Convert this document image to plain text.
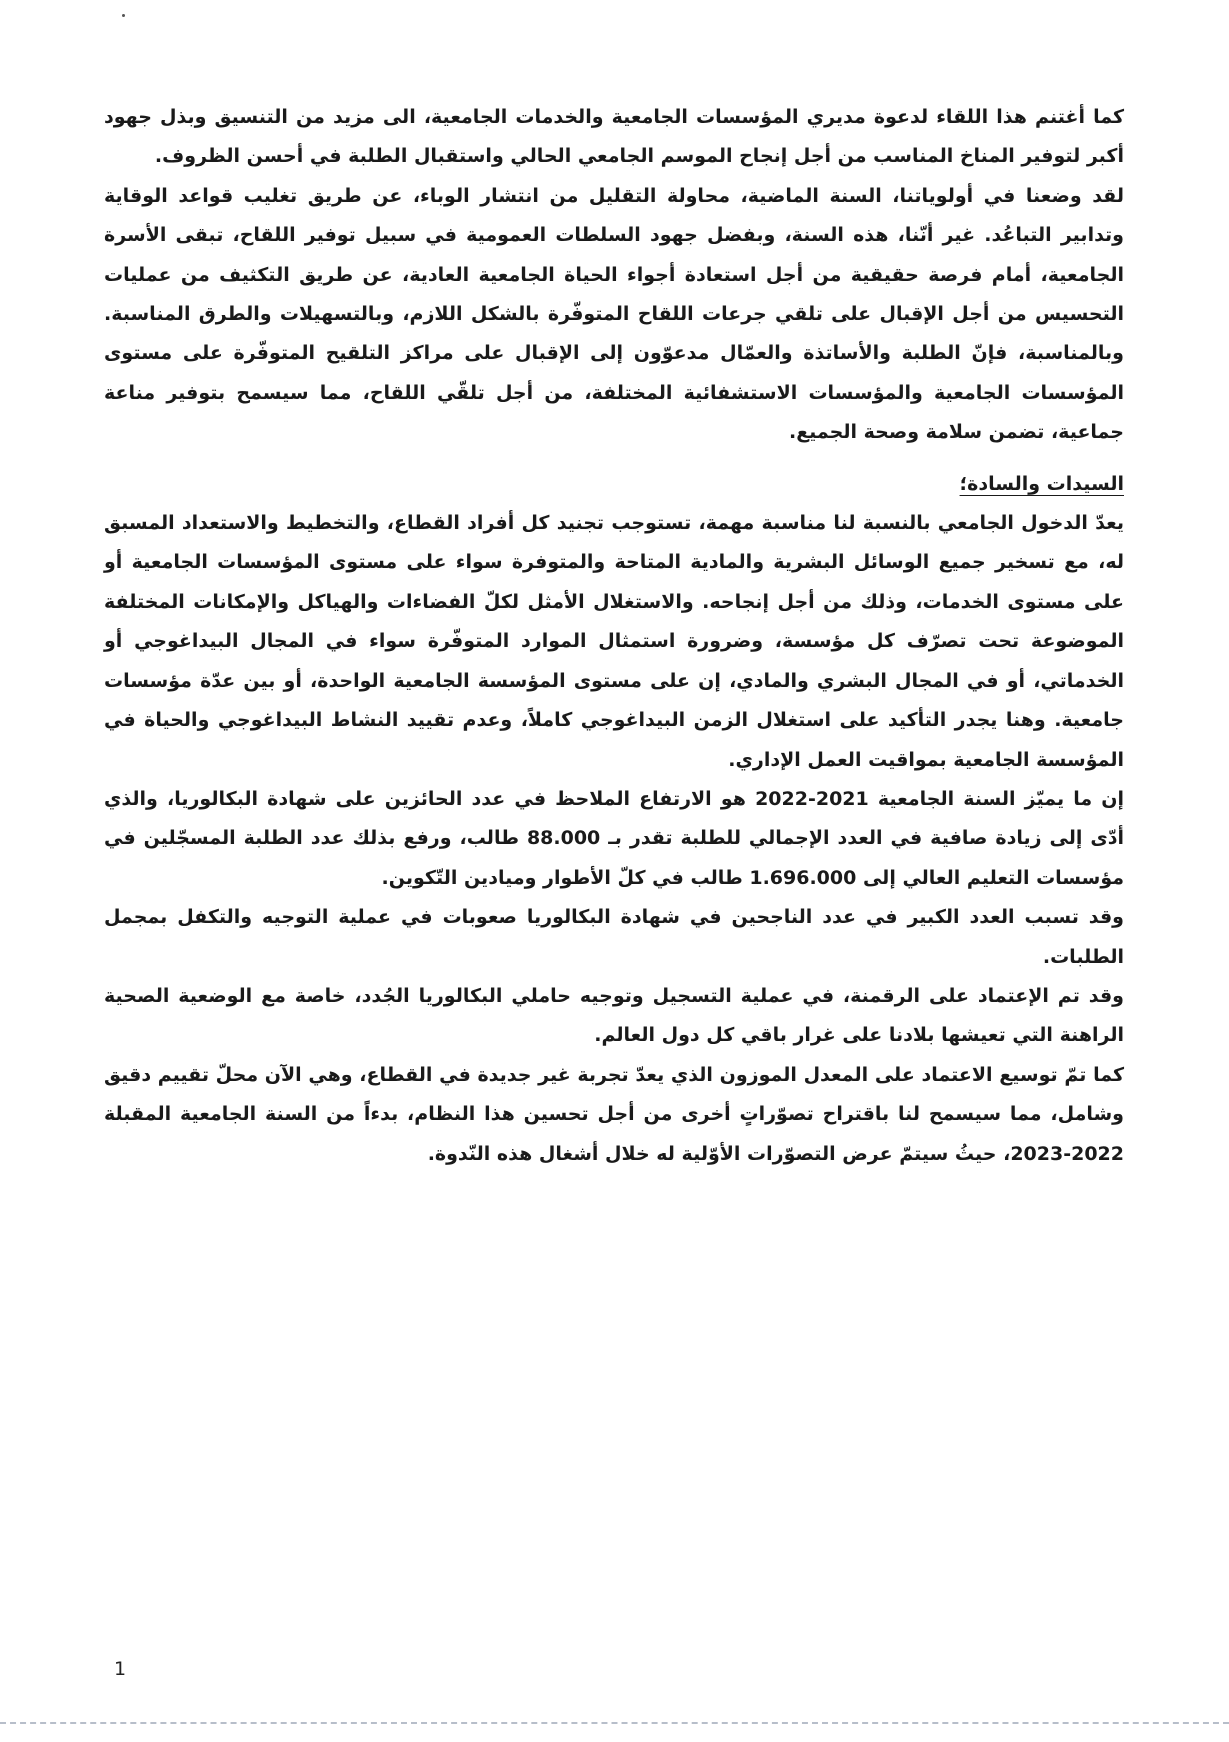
كما أغتنم هذا اللقاء لدعوة مديري المؤسسات الجامعية والخدمات الجامعية، الى مزيد من التنسيق وبذل جهود أكبر لتوفير المناخ المناسب من أجل إنجاح الموسم الجامعي الحالي واستقبال الطلبة في أحسن الظروف.

لقد وضعنا في أولوياتنا، السنة الماضية، محاولة التقليل من انتشار الوباء، عن طريق تغليب قواعد الوقاية وتدابير التباعُد. غير أنّنا، هذه السنة، وبفضل جهود السلطات العمومية في سبيل توفير اللقاح، تبقى الأسرة الجامعية، أمام فرصة حقيقية من أجل استعادة أجواء الحياة الجامعية العادية، عن طريق التكثيف من عمليات التحسيس من أجل الإقبال على تلقي جرعات اللقاح المتوفّرة بالشكل اللازم، وبالتسهيلات والطرق المناسبة. وبالمناسبة، فإنّ الطلبة والأساتذة والعمّال مدعوّون إلى الإقبال على مراكز التلقيح المتوفّرة على مستوى المؤسسات الجامعية والمؤسسات الاستشفائية المختلفة، من أجل تلقّي اللقاح، مما سيسمح بتوفير مناعة جماعية، تضمن سلامة وصحة الجميع.

السيدات والسادة؛

يعدّ الدخول الجامعي بالنسبة لنا مناسبة مهمة، تستوجب تجنيد كل أفراد القطاع، والتخطيط والاستعداد المسبق له، مع تسخير جميع الوسائل البشرية والمادية المتاحة والمتوفرة سواء على مستوى المؤسسات الجامعية أو على مستوى الخدمات، وذلك من أجل إنجاحه. والاستغلال الأمثل لكلّ الفضاءات والهياكل والإمكانات المختلفة الموضوعة تحت تصرّف كل مؤسسة، وضرورة استمثال الموارد المتوفّرة سواء في المجال البيداغوجي أو الخدماتي، أو في المجال البشري والمادي، إن على مستوى المؤسسة الجامعية الواحدة، أو بين عدّة مؤسسات جامعية. وهنا يجدر التأكيد على استغلال الزمن البيداغوجي كاملاً، وعدم تقييد النشاط البيداغوجي والحياة في المؤسسة الجامعية بمواقيت العمل الإداري.

إن ما يميّز السنة الجامعية 2021-2022 هو الارتفاع الملاحظ في عدد الحائزين على شهادة البكالوريا، والذي أدّى إلى زيادة صافية في العدد الإجمالي للطلبة تقدر بـ 88.000 طالب، ورفع بذلك عدد الطلبة المسجّلين في مؤسسات التعليم العالي إلى 1.696.000 طالب في كلّ الأطوار وميادين التّكوين.

وقد تسبب العدد الكبير في عدد الناجحين في شهادة البكالوريا صعوبات في عملية التوجيه والتكفل بمجمل الطلبات.

وقد تم الإعتماد على الرقمنة، في عملية التسجيل وتوجيه حاملي البكالوريا الجُدد، خاصة مع الوضعية الصحية الراهنة التي تعيشها بلادنا على غرار باقي كل دول العالم.

كما تمّ توسيع الاعتماد على المعدل الموزون الذي يعدّ تجربة غير جديدة في القطاع، وهي الآن محلّ تقييم دقيق وشامل، مما سيسمح لنا باقتراح تصوّراتٍ أخرى من أجل تحسين هذا النظام، بدءاً من السنة الجامعية المقبلة 2022-2023، حيثُ سيتمّ عرض التصوّرات الأوّلية له خلال أشغال هذه النّدوة.

1
